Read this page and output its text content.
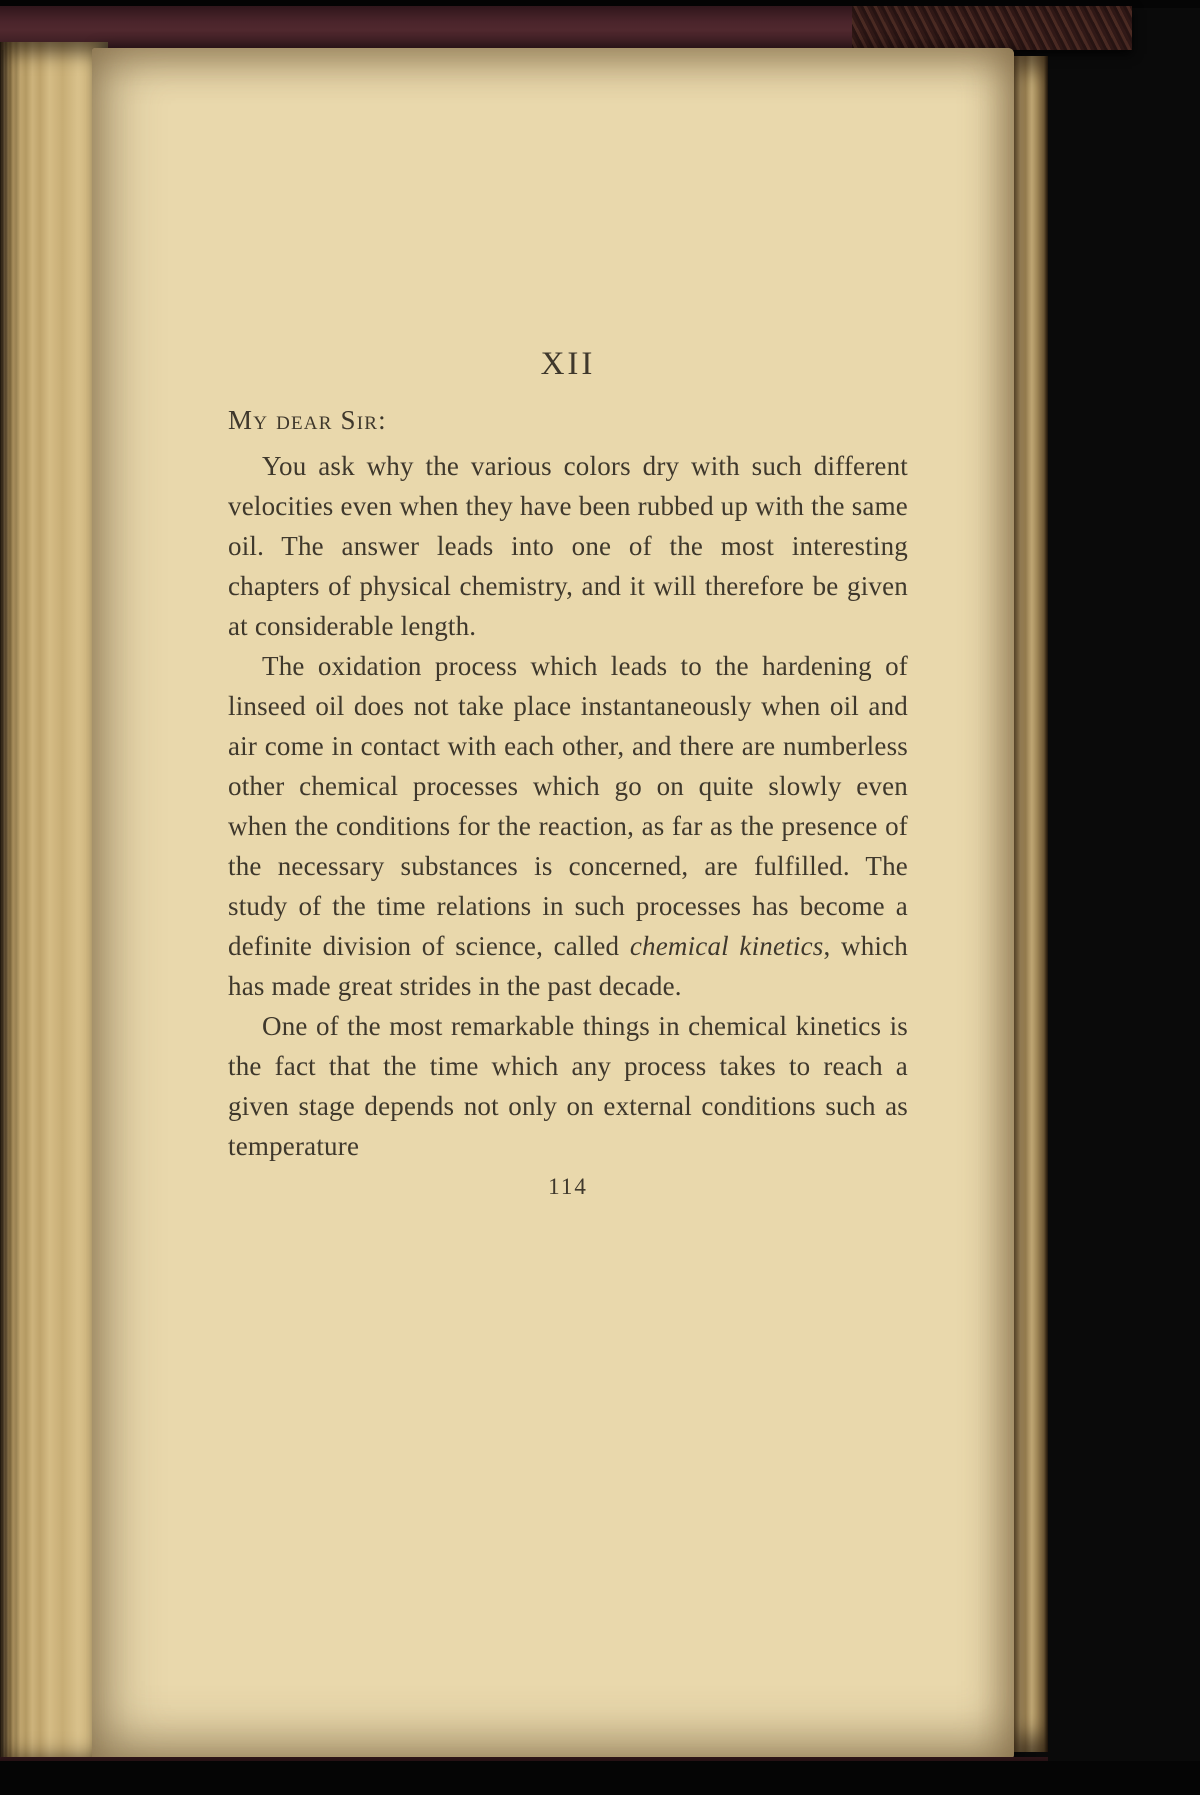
XII

My dear Sir:

You ask why the various colors dry with such different velocities even when they have been rubbed up with the same oil. The answer leads into one of the most interesting chapters of physical chemistry, and it will therefore be given at considerable length.

The oxidation process which leads to the hardening of linseed oil does not take place instantaneously when oil and air come in contact with each other, and there are numberless other chemical processes which go on quite slowly even when the conditions for the reaction, as far as the presence of the necessary substances is concerned, are fulfilled. The study of the time relations in such processes has become a definite division of science, called chemical kinetics, which has made great strides in the past decade.

One of the most remarkable things in chemical kinetics is the fact that the time which any process takes to reach a given stage depends not only on external conditions such as temperature

114
